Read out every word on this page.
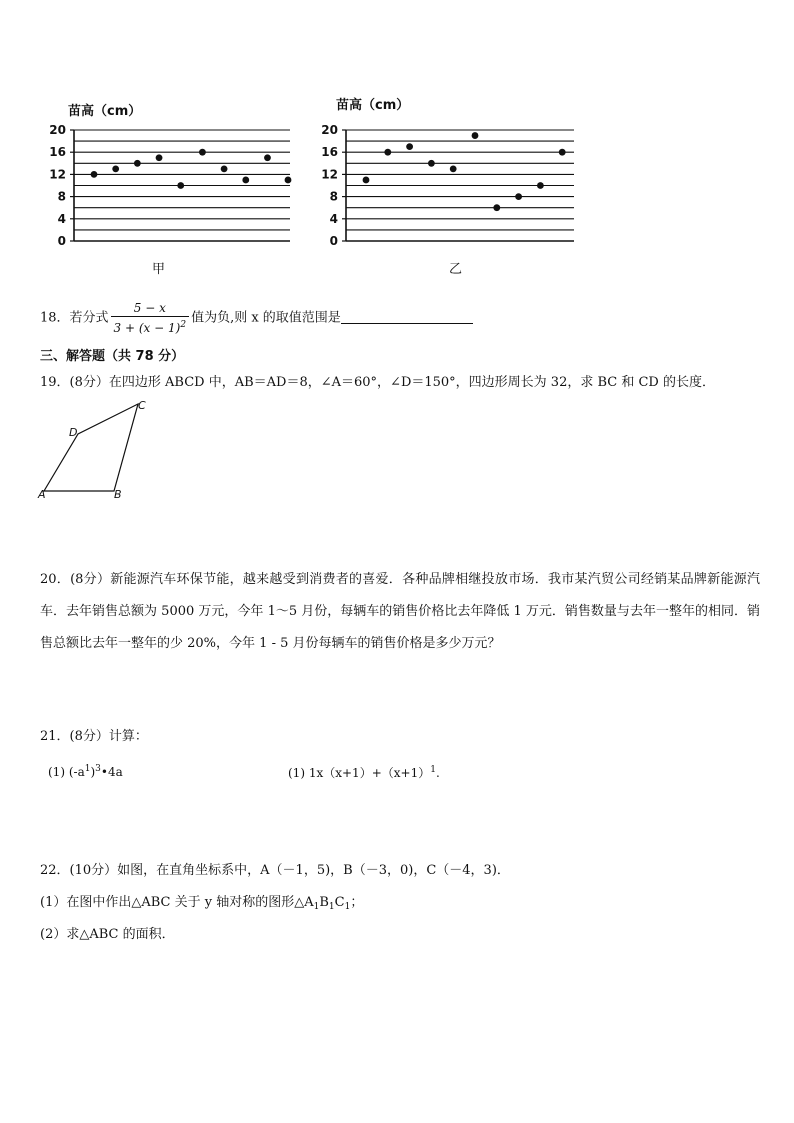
苗高（cm）
20
16
12
8
4
0
甲
苗高（cm）
20
16
12
8
4
0
乙
18．若分式 $\frac{5 - x}{3 + (x - 1)^2}$ 值为负,则 x 的取值范围是
三、解答题（共 78 分）
19．(8分）在四边形 ABCD 中，AB＝AD＝8，∠A＝60°，∠D＝150°，四边形周长为 32，求 BC 和 CD 的长度．
A	B
C
D
20．(8分）新能源汽车环保节能，越来越受到消费者的喜爱．各种品牌相继投放市场．我市某汽贸公司经销某品牌新能源汽车．去年销售总额为 5000 万元，今年 1～5 月份，每辆车的销售价格比去年降低 1 万元．销售数量与去年一整年的相同．销售总额比去年一整年的少 20%，今年 1 - 5 月份每辆车的销售价格是多少万元？
21．(8分）计算：
(1) $(-a^1)^3•4a$	(1) $1x(x+1)+(x+1)^1$.
22．(10分）如图，在直角坐标系中，A（－1，5)，B（－3，0)，C（－4，3)．
(1）在图中作出△ABC 关于 y 轴对称的图形$\triangle A_1B_1C_1$；
(2）求△ABC 的面积．
